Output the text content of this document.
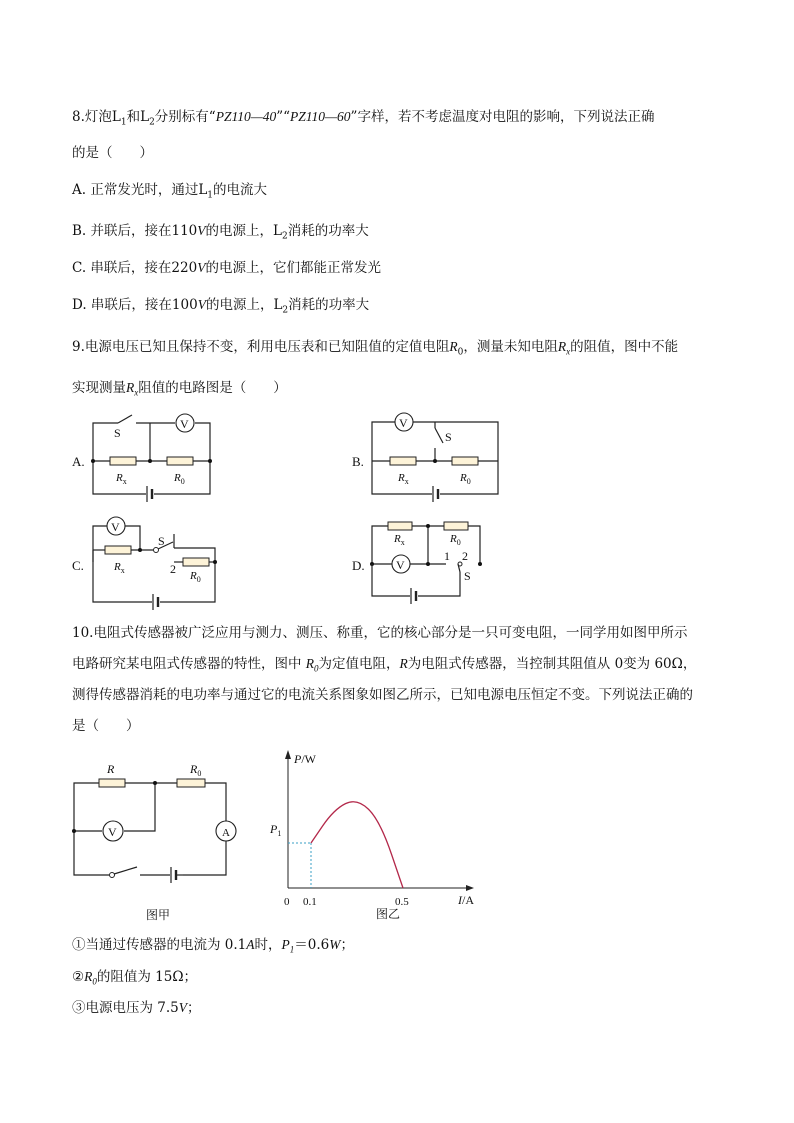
8.灯泡$L_1$和$L_2$分别标有“PZ110—40”“PZ110—60”字样，若不考虑温度对电阻的影响，下列说法正确
的是（　　）
A. 正常发光时，通过$L_1$的电流大
B. 并联后，接在110V的电源上，$L_2$消耗的功率大
C. 串联后，接在220V的电源上，它们都能正常发光
D. 串联后，接在100V的电源上，$L_2$消耗的功率大
9.电源电压已知且保持不变，利用电压表和已知阻值的定值电阻$R_0$，测量未知电阻$R_x$的阻值，图中不能
实现测量$R_x$阻值的电路图是（　　）
A.
V
S
$R_x$	$R_0$
B.
V
S
$R_x$	$R_0$
C.
V
S
2
$R_x$	$R_0$
D.	V
1 2
S
$R_x$	$R_0$
10.电阻式传感器被广泛应用与测力、测压、称重，它的核心部分是一只可变电阻，一同学用如图甲所示
电路研究某电阻式传感器的特性，图中 $R_0$为定值电阻，R为电阻式传感器，当控制其阻值从 0变为 60Ω，
测得传感器消耗的电功率与通过它的电流关系图象如图乙所示，已知电源电压恒定不变。下列说法正确的
是（　　）
R	$R_0$
V	A
图甲
P/W
I/A
0 0.1	0.5
$P_1$
图乙
①当通过传感器的电流为 0.1A时，$P_1=0.6W$；
$②R_0$的阻值为 15Ω；
③电源电压为 7.5V；
